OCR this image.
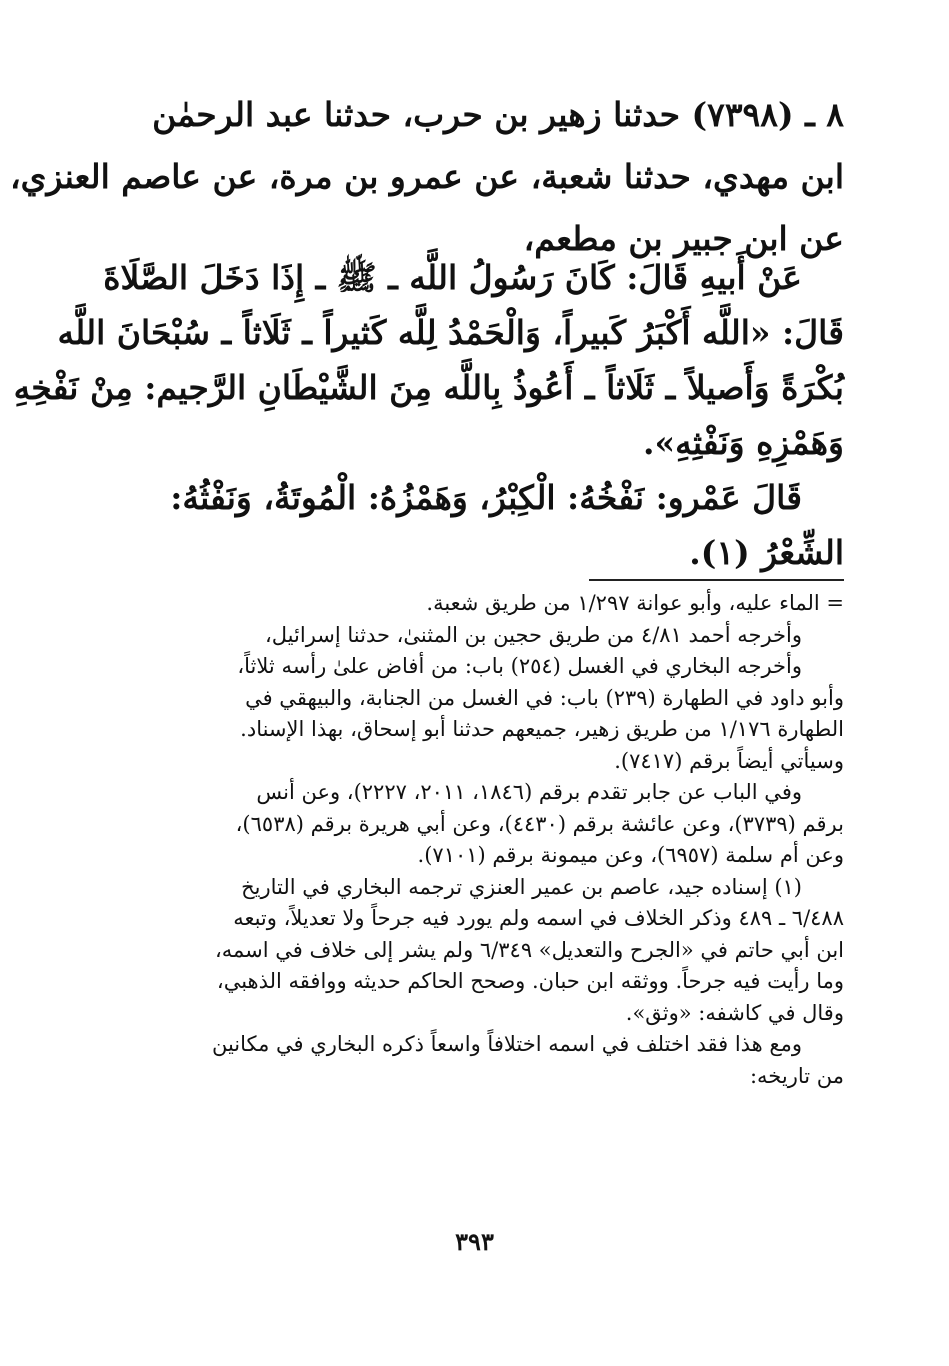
٨ ـ (٧٣٩٨) حدثنا زهير بن حرب، حدثنا عبد الرحمٰن
ابن مهدي، حدثنا شعبة، عن عمرو بن مرة، عن عاصم العنزي،
عن ابن جبير بن مطعم،
عَنْ أَبيهِ قَالَ: كَانَ رَسُولُ اللَّه ـ ﷺ ـ إِذَا دَخَلَ الصَّلَاةَ
قَالَ: «اللَّه أَكْبَرُ كَبيراً، وَالْحَمْدُ لِلَّه كَثيراً ـ ثَلَاثاً ـ سُبْحَانَ اللَّه
بُكْرَةً وَأَصيلاً ـ ثَلَاثاً ـ أَعُوذُ بِاللَّه مِنَ الشَّيْطَانِ الرَّجيم: مِنْ نَفْخِهِ
وَهَمْزِهِ وَنَفْثِهِ».
قَالَ عَمْرو: نَفْخُهُ: الْكِبْرُ، وَهَمْزُهُ: الْمُوتَةُ، وَنَفْثُهُ:
الشِّعْرُ (١).
= الماء عليه، وأبو عوانة ١/٢٩٧ من طريق شعبة.
وأخرجه أحمد ٤/٨١ من طريق حجين بن المثنىٰ، حدثنا إسرائيل،
وأخرجه البخاري في الغسل (٢٥٤) باب: من أفاض علىٰ رأسه ثلاثاً،
وأبو داود في الطهارة (٢٣٩) باب: في الغسل من الجنابة، والبيهقي في
الطهارة ١/١٧٦ من طريق زهير، جميعهم حدثنا أبو إسحاق، بهذا الإسناد.
وسيأتي أيضاً برقم (٧٤١٧).
وفي الباب عن جابر تقدم برقم (١٨٤٦، ٢٠١١، ٢٢٢٧)، وعن أنس
برقم (٣٧٣٩)، وعن عائشة برقم (٤٤٣٠)، وعن أبي هريرة برقم (٦٥٣٨)،
وعن أم سلمة (٦٩٥٧)، وعن ميمونة برقم (٧١٠١).
(١) إسناده جيد، عاصم بن عمير العنزي ترجمه البخاري في التاريخ
٦/٤٨٨ ـ ٤٨٩ وذكر الخلاف في اسمه ولم يورد فيه جرحاً ولا تعديلاً، وتبعه
ابن أبي حاتم في «الجرح والتعديل» ٦/٣٤٩ ولم يشر إلى خلاف في اسمه،
وما رأيت فيه جرحاً. ووثقه ابن حبان. وصحح الحاكم حديثه ووافقه الذهبي،
وقال في كاشفه: «وثق».
ومع هذا فقد اختلف في اسمه اختلافاً واسعاً ذكره البخاري في مكانين
من تاريخه:
٣٩٣
